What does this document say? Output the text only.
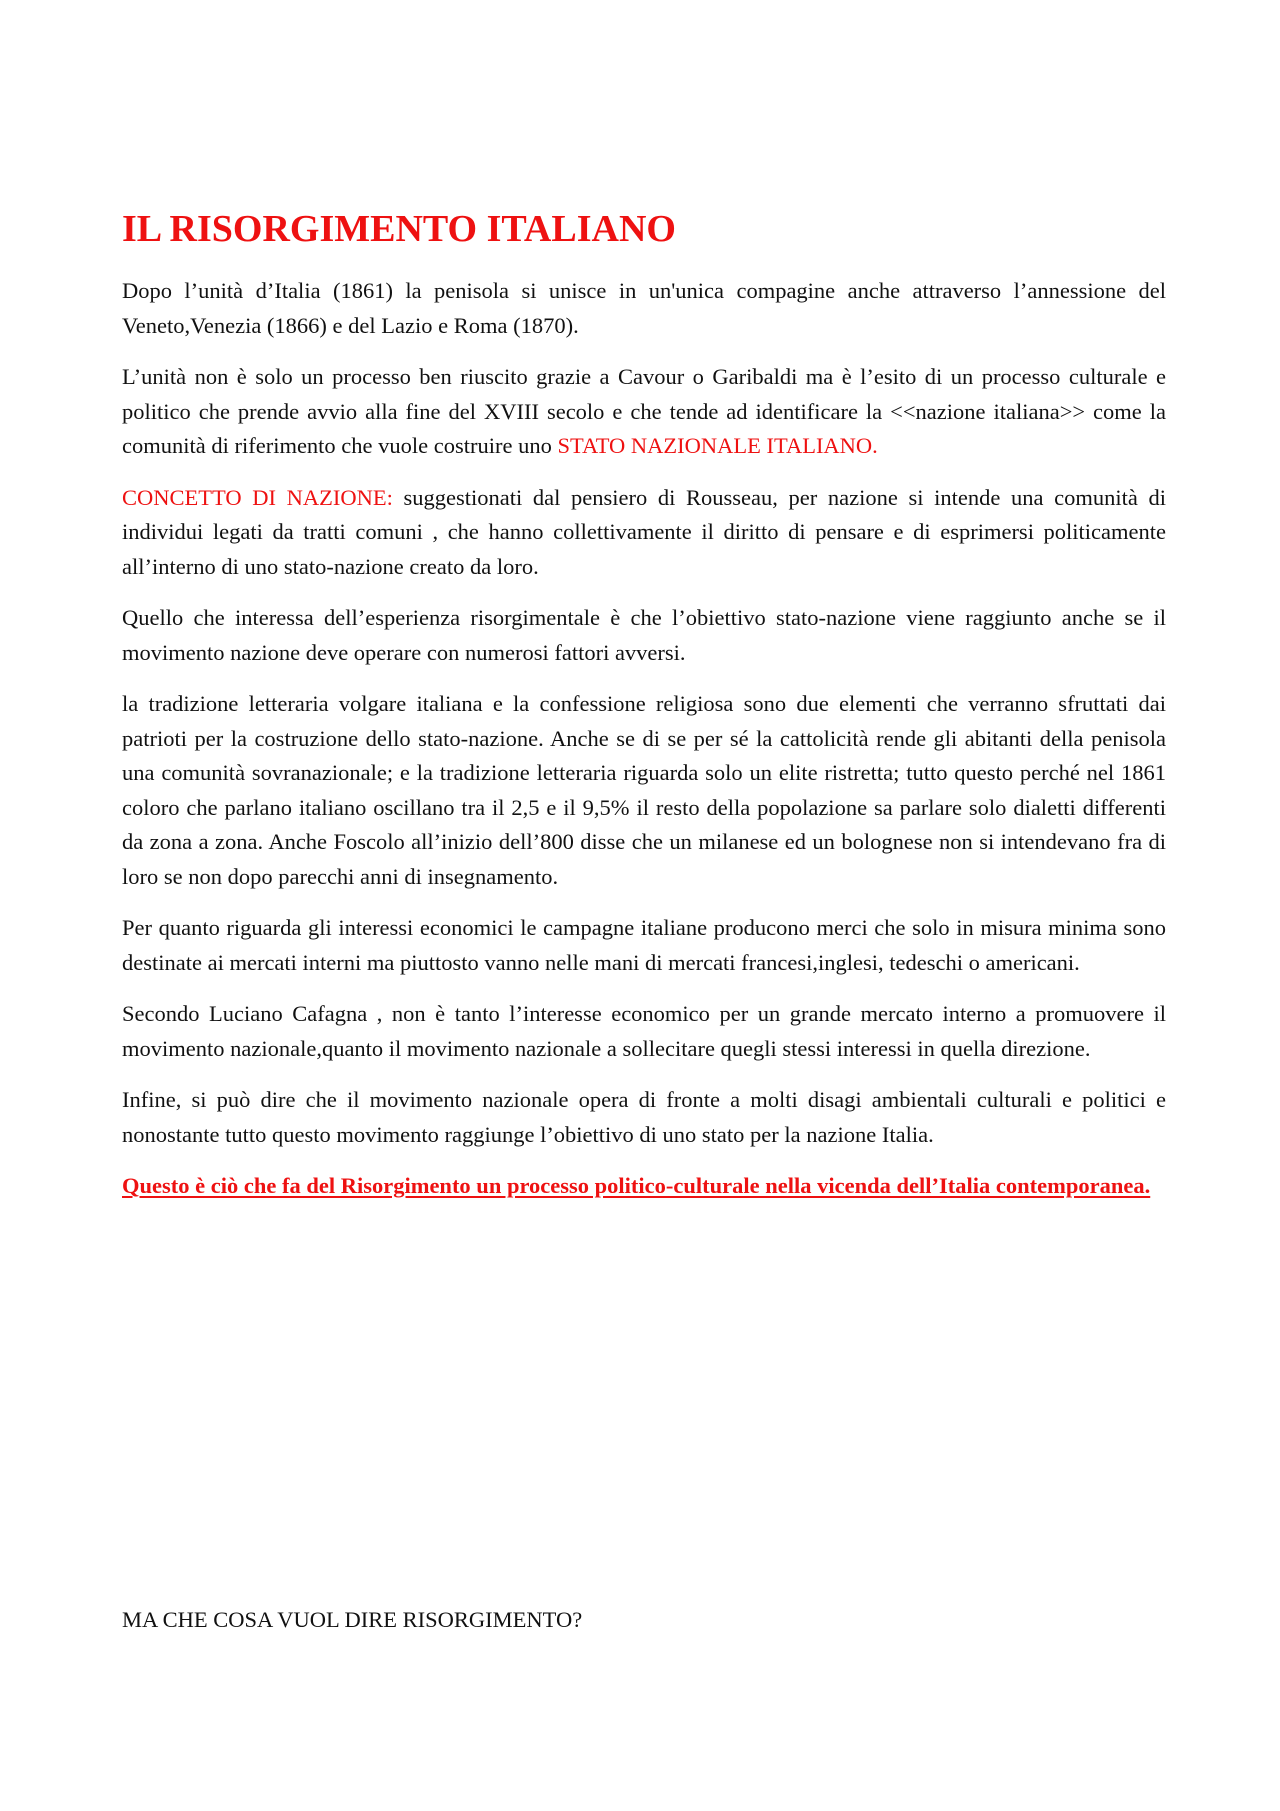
IL RISORGIMENTO ITALIANO

Dopo l’unità d’Italia (1861) la penisola si unisce in un'unica compagine anche attraverso l’annessione del Veneto,Venezia (1866) e del Lazio e Roma (1870).

L’unità non è solo un processo ben riuscito grazie a Cavour o Garibaldi ma è l’esito di un processo culturale e politico che prende avvio alla fine del XVIII secolo e che tende ad identificare la <<nazione italiana>> come la comunità di riferimento che vuole costruire uno STATO NAZIONALE ITALIANO.

CONCETTO DI NAZIONE: suggestionati dal pensiero di Rousseau, per nazione si intende una comunità di individui legati da tratti comuni , che hanno collettivamente il diritto di pensare e di esprimersi politicamente all’interno di uno stato-nazione creato da loro.

Quello che interessa dell’esperienza risorgimentale è che l’obiettivo stato-nazione viene raggiunto anche se il movimento nazione deve operare con numerosi fattori avversi.

la tradizione letteraria volgare italiana e la confessione religiosa sono due elementi che verranno sfruttati dai patrioti per la costruzione dello stato-nazione. Anche se di se per sé la cattolicità rende gli abitanti della penisola una comunità sovranazionale; e la tradizione letteraria riguarda solo un elite ristretta; tutto questo perché nel 1861 coloro che parlano italiano oscillano tra il 2,5 e il 9,5% il resto della popolazione sa parlare solo dialetti differenti da zona a zona. Anche Foscolo all’inizio dell’800 disse che un milanese ed un bolognese non si intendevano fra di loro se non dopo parecchi anni di insegnamento.

Per quanto riguarda gli interessi economici le campagne italiane producono merci che solo in misura minima sono destinate ai mercati interni ma piuttosto vanno nelle mani di mercati francesi,inglesi, tedeschi o americani.

Secondo Luciano Cafagna , non è tanto l’interesse economico per un grande mercato interno a promuovere il movimento nazionale,quanto il movimento nazionale a sollecitare quegli stessi interessi in quella direzione.

Infine, si può dire che il movimento nazionale opera di fronte a molti disagi ambientali culturali e politici e nonostante tutto questo movimento raggiunge l’obiettivo di uno stato per la nazione Italia.

Questo è ciò che fa del Risorgimento un processo politico-culturale nella vicenda dell’Italia contemporanea.

MA CHE COSA VUOL DIRE RISORGIMENTO?
